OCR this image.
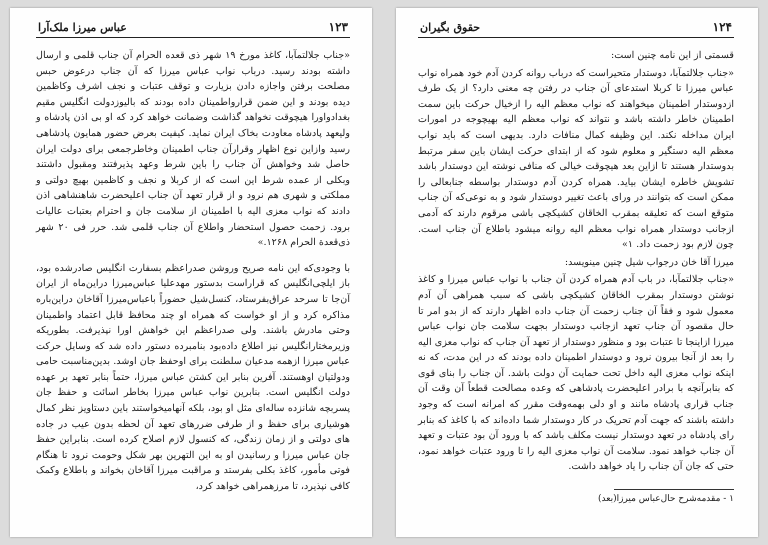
١٢٣
عباس میرزا ملک‌آرا

«جناب جلالتمآبا، کاغذ مورخ ۱۹ شهر ذی قعده الحرام آن جناب قلمی و ارسال داشته بودند رسید. درباب نواب عباس میرزا که آن جناب درعوض حبس مصلحت برفتن واجازه دادن بزیارت و توقف عتبات و نجف اشرف وکاظمین دیده بودند و این ضمن قرارواطمینان داده بودند که بالیوزدولت انگلیس مقیم بغدادواورا هیچوقت نخواهد گذاشت وضمانت خواهد کرد که او بی اذن پادشاه و ولیعهد پادشاه معاودت بخاک ایران نماید. کیفیت بعرض حضور همایون پادشاهی رسید وازاین نوع اظهار وقرارآن جناب اطمینان وخاطرجمعی برای دولت ایران حاصل شد وخواهش آن جناب را باین شرط وعهد پذیرفتند ومقبول داشتند وبکلی از عمده شرط این است که از کربلا و نجف و کاظمین بهیچ دولتی و مملکتی و شهری هم نرود و از قرار تعهد آن جناب اعلیحضرت شاهنشاهی اذن دادند که نواب معزی الیه با اطمینان از سلامت جان و احترام بعتبات عالیات برود. زحمت حصول استحضار واطلاع آن جناب قلمی شد. حرر فی ۲۰ شهر ذی‌قعدة الحرام ۱۲۶۸.»

با وجودی‌که این نامه صریح وروشن صدراعظم بسفارت انگلیس صادرشده بود، باز ایلچی‌انگلیس که قراراست بدستور مهدعلیا عباس‌میرزا دراین‌ماه از ایران آن‌جا تا سرحد عراق‌بفرستاد، کنسل‌شیل حضوراً باعباس‌میرزا آقاخان دراین‌باره مذاکره کرد و از او خواست که همراه او چند محافظ قابل اعتماد واطمینان وحتی مادرش باشند. ولی صدراعظم این خواهش اورا نپذیرفت. بطوریکه وزیرمختارانگلیس نیز اطلاع داده‌بود بنامبرده دستور داده شد که وسایل حرکت عباس میرزا ازهمه مدعیان سلطنت برای اوحفظ جان اوشد. بدین‌مناسبت حامی ودولتیان اوهستند. آفرین بنابر این کشتن عباس میرزا، حتماً بنابر تعهد بر عهده دولت انگلیس است. بنابرین نواب عباس میرزا بخاطر اسائت و حفظ جان پسربچه شانزده ساله‌ای مثل او بود، بلکه آنهامیخواستند باین دستاویز نظر کمال هوشیاری برای حفظ و از طرفی ضررهای تعهد آن لحظه بدون عیب در جاده های دولتی و از زمان زندگی، که کنسول لازم اصلاح کرده است. بنابراین حفظ جان عباس میرزا و رسانیدن او به این‌ التهرین بهر شکل وحومت نرود تا هنگام فوتی مأمور، کاغذ بکلی بفرستد و مراقبت میرزا آقاخان بخواند و باطلاع وکمک کافی نپذیرد، تا مرزهمراهی خواهد کرد،

١٢۴
حقوق بگیران

قسمتی از این نامه چنین است:

«جناب جلالتمآبا، دوستدار متحیراست که درباب روانه کردن آدم خود همراه نواب عباس میرزا تا کربلا استدعای آن جناب در رفتن چه معنی دارد؟ از یک طرف ازدوستدار اطمینان میخواهند که نواب معظم الیه را ازخیال حرکت باین سمت اطمینان خاطر داشته باشد و نتواند که نواب معظم الیه بهیچوجه در امورات ایران مداخله نکند. این وظیفه کمال منافات دارد. بدیهی است که باید نواب معظم الیه دستگیر و معلوم شود که از ابتدای حرکت ایشان باین سفر مرتبط بدوستدار هستند تا ازاین بعد هیچوقت خیالی که منافی نوشته این دوستدار باشد تشویش خاطره ایشان بیاید. همراه کردن آدم دوستدار بواسطه جنابعالی را ممکن است که بتوانند در ورای باعث تغییر دوستدار شود و به نوعی‌که آن جناب متوقع است که تعلیقه بمقرب الخاقان کشیکچی باشی مرقوم دارند که آدمی ازجانب دوستدار همراه نواب معظم الیه روانه میشود باطلاع آن جناب است. چون لازم بود زحمت داد. ۱»

میرزا آقا خان درجواب شیل چنین مینویسد:

«جناب جلالتمآبا، در باب آدم همراه کردن آن جناب با نواب عباس میرزا و کاغذ نوشتن دوستدار بمقرب الخاقان کشیکچی باشی که سبب همراهی آن آدم معمول شود و فقاً آن جناب زحمت آن جناب داده اظهار دارند که از بدو امر تا حال مقصود آن جناب تعهد ازجانب دوستدار بجهت سلامت جان نواب عباس میرزا ازاینجا تا عتبات بود و منظور دوستدار از تعهد آن جناب که نواب معزی الیه را بعد از آنجا بیرون نرود و دوستدار اطمینان داده بودند که در این مدت، که نه اینکه نواب معزی الیه داخل تحت حمایت آن دولت باشد. آن جناب را بنای قوی که بنابرآنچه با برادر اعلیحضرت پادشاهی که وعده مصالحت قطعاً آن وقت آن جناب قراری پادشاه مانند و او دلی بهمه‌وقت مقرر ‌که امرانه است که وجود داشته باشند که جهت آدم تحریک در کار دوستدار شما داده‌اند که با کاغذ که بنابر رای پادشاه در تعهد دوستدار نیست مکلف باشد که با ورود آن بود عتبات و تعهد آن جناب خواهد نمود. سلامت آن نواب معزی الیه را تا ورود عتبات خواهد نمود، حتی که جان آن جناب را یاد خواهد داشت.

۱ - مقدمه‌شرح حال‌عباس میرزا(بعد)
